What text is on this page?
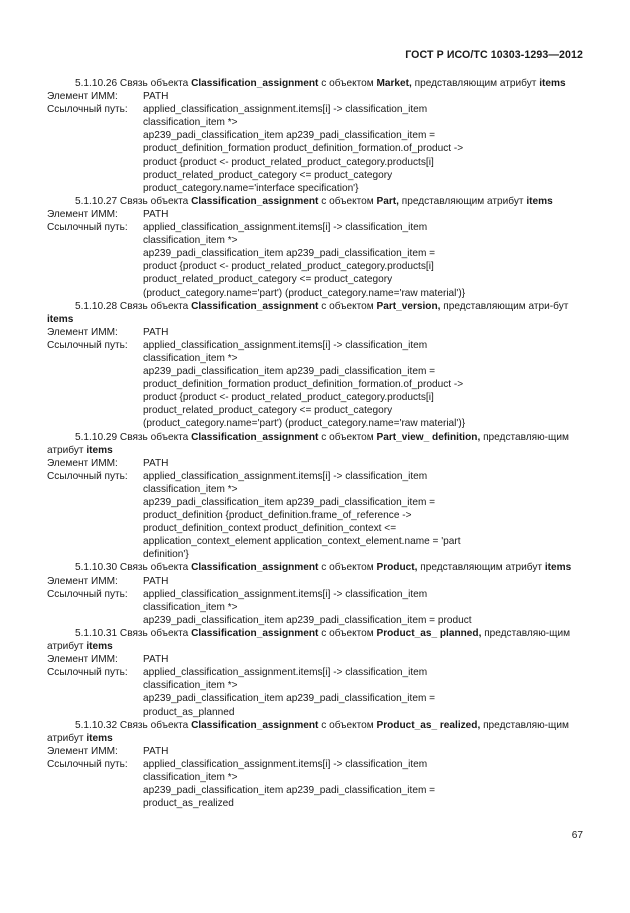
ГОСТ Р ИСО/ТС 10303-1293—2012

5.1.10.26 Связь объекта Classification_assignment с объектом Market, представляющим атрибут items

Элемент ИММ:	PATH
Ссылочный путь:	applied_classification_assignment.items[i] -> classification_item
classification_item *>
ap239_padi_classification_item ap239_padi_classification_item =
product_definition_formation product_definition_formation.of_product ->
product {product <- product_related_product_category.products[i]
product_related_product_category <= product_category
product_category.name='interface specification'}

5.1.10.27 Связь объекта Classification_assignment с объектом Part, представляющим атрибут items

Элемент ИММ:	PATH
Ссылочный путь:	applied_classification_assignment.items[i] -> classification_item
classification_item *>
ap239_padi_classification_item ap239_padi_classification_item =
product {product <- product_related_product_category.products[i]
product_related_product_category <= product_category
(product_category.name='part') (product_category.name='raw material')}

5.1.10.28 Связь объекта Classification_assignment с объектом Part_version, представляющим атри-бут items

Элемент ИММ:	PATH
Ссылочный путь:	applied_classification_assignment.items[i] -> classification_item
classification_item *>
ap239_padi_classification_item ap239_padi_classification_item =
product_definition_formation product_definition_formation.of_product ->
product {product <- product_related_product_category.products[i]
product_related_product_category <= product_category
(product_category.name='part') (product_category.name='raw material')}

5.1.10.29 Связь объекта Classification_assignment с объектом Part_view_ definition, представляю-щим атрибут items

Элемент ИММ:	PATH
Ссылочный путь:	applied_classification_assignment.items[i] -> classification_item
classification_item *>
ap239_padi_classification_item ap239_padi_classification_item =
product_definition {product_definition.frame_of_reference ->
product_definition_context product_definition_context <=
application_context_element application_context_element.name = 'part
definition'}

5.1.10.30 Связь объекта Classification_assignment с объектом Product, представляющим атрибут items

Элемент ИММ:	PATH
Ссылочный путь:	applied_classification_assignment.items[i] -> classification_item
classification_item *>
ap239_padi_classification_item ap239_padi_classification_item = product

5.1.10.31 Связь объекта Classification_assignment с объектом Product_as_ planned, представляю-щим атрибут items

Элемент ИММ:	PATH
Ссылочный путь:	applied_classification_assignment.items[i] -> classification_item
classification_item *>
ap239_padi_classification_item ap239_padi_classification_item =
product_as_planned

5.1.10.32 Связь объекта Classification_assignment с объектом Product_as_ realized, представляю-щим атрибут items

Элемент ИММ:	PATH
Ссылочный путь:	applied_classification_assignment.items[i] -> classification_item
classification_item *>
ap239_padi_classification_item ap239_padi_classification_item =
product_as_realized
67
